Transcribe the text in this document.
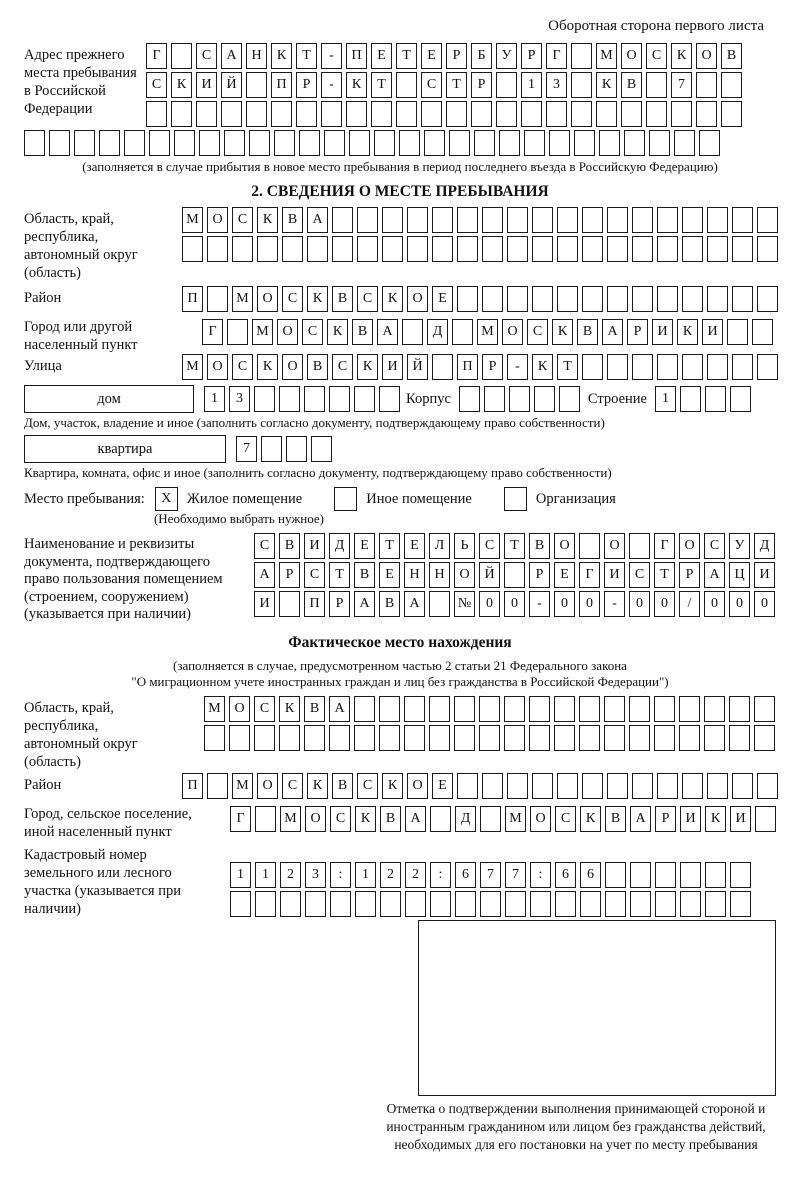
Оборотная сторона первого листа
Адрес прежнего места пребывания в Российской Федерации
Г	С	А	Н	К	Т	-	П	Е	Т	Е	Р	Б	У	Р	Г	М О	С	К	О	В
С	К	И	Й	П	Р	-	К	Т	С	Т	Р	1	3	К	В	7
(заполняется в случае прибытия в новое место пребывания в период последнего въезда в Российскую Федерацию)
2. СВЕДЕНИЯ О МЕСТЕ ПРЕБЫВАНИЯ
Область, край, республика, автономный округ (область)
М О	С	К	В	А
Район	П	М О	С	К	В	С	К	О	Е
Город или другой населенный пункт
Г	М О	С	К	В	А	Д	М О	С	К	В	А	Р	И	К	И
Улица	М О	С	К	О	В	С	К	И	Й	П	Р	-	К	Т
дом	1	3	Корпус	Строение	1
Дом, участок, владение и иное (заполнить согласно документу, подтверждающему право собственности)
квартира	7
Квартира, комната, офис и иное (заполнить согласно документу, подтверждающему право собственности)
Место пребывания:	X	Жилое помещение	Иное помещение	Организация
(Необходимо выбрать нужное)
Наименование и реквизиты документа, подтверждающего право пользования помещением (строением, сооружением) (указывается при наличии)
С	В	И	Д	Е	Т	Е	Л	Ь	С	Т	В	О	О	Г	О	С	У	Д
А	Р	С	Т	В	Е	Н	Н	О	Й	Р	Е	Г	И	С	Т	Р	А	Ц	И
И	П	Р	А	В	А	№	0	0	-	0	0	-	0	0	/	0	0	0
Фактическое место нахождения
(заполняется в случае, предусмотренном частью 2 статьи 21 Федерального закона
"О миграционном учете иностранных граждан и лиц без гражданства в Российской Федерации")
Область, край, республика, автономный округ (область)
М О	С	К	В	А
Район	П	М О	С	К	В	С	К	О	Е
Город, сельское поселение, иной населенный пункт
Г	М О	С	К	В	А	Д	М О	С	К	В	А	Р	И	К	И
Кадастровый номер земельного или лесного участка (указывается при наличии)
1	1	2	3	:	1	2	2	:	6	7	7	:	6	6
Отметка о подтверждении выполнения принимающей стороной и иностранным гражданином или лицом без гражданства действий, необходимых для его постановки на учет по месту пребывания
